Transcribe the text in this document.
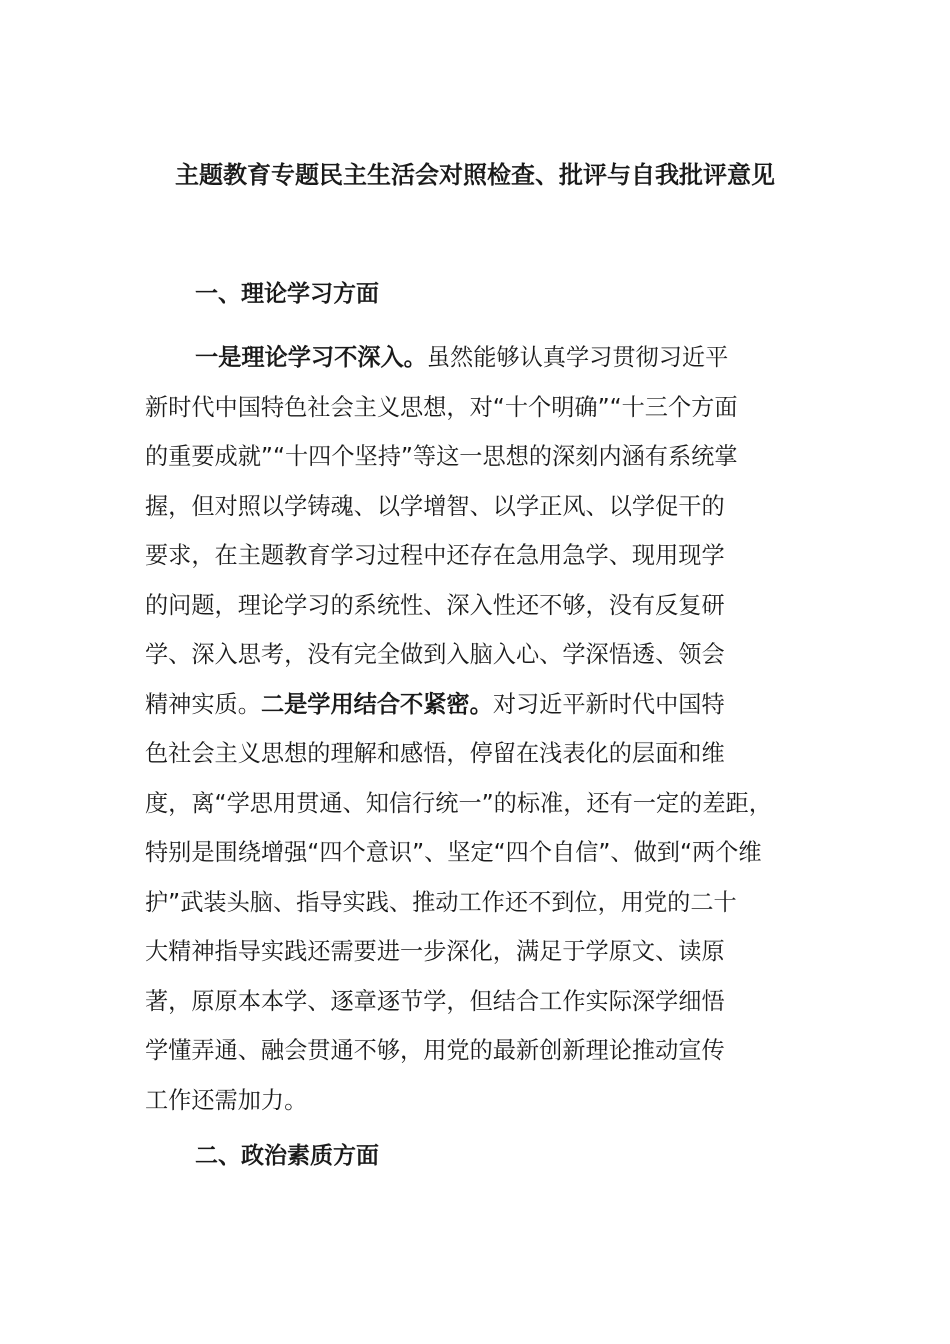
主题教育专题民主生活会对照检查、批评与自我批评意见
一、理论学习方面
一是理论学习不深入。虽然能够认真学习贯彻习近平
新时代中国特色社会主义思想，对“十个明确”“十三个方面
的重要成就”“十四个坚持”等这一思想的深刻内涵有系统掌
握，但对照以学铸魂、以学增智、以学正风、以学促干的
要求，在主题教育学习过程中还存在急用急学、现用现学
的问题，理论学习的系统性、深入性还不够，没有反复研
学、深入思考，没有完全做到入脑入心、学深悟透、领会
精神实质。二是学用结合不紧密。对习近平新时代中国特
色社会主义思想的理解和感悟，停留在浅表化的层面和维
度，离“学思用贯通、知信行统一”的标准，还有一定的差距，
特别是围绕增强“四个意识”、坚定“四个自信”、做到“两个维
护”武装头脑、指导实践、推动工作还不到位，用党的二十
大精神指导实践还需要进一步深化，满足于学原文、读原
著，原原本本学、逐章逐节学，但结合工作实际深学细悟
学懂弄通、融会贯通不够，用党的最新创新理论推动宣传
工作还需加力。
二、政治素质方面
